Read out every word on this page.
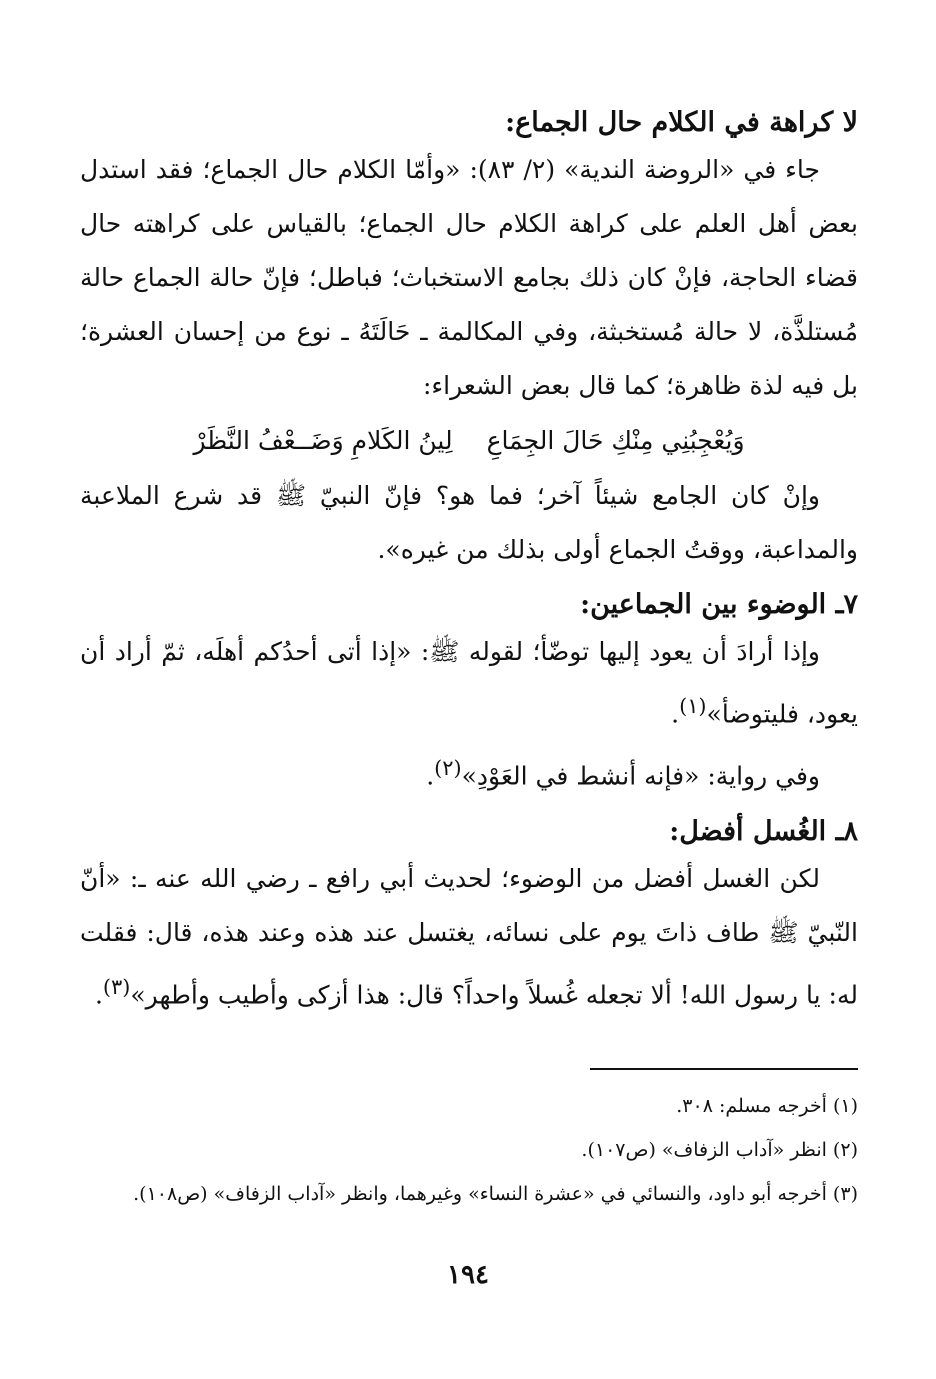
لا كراهة في الكلام حال الجماع:

جاء في «الروضة الندية» (٢/ ٨٣): «وأمّا الكلام حال الجماع؛ فقد استدل بعض أهل العلم على كراهة الكلام حال الجماع؛ بالقياس على كراهته حال قضاء الحاجة، فإنْ كان ذلك بجامع الاستخباث؛ فباطل؛ فإنّ حالة الجماع حالة مُستلذَّة، لا حالة مُستخبثة، وفي المكالمة ـ حَالَتَهُ ـ نوع من إحسان العشرة؛ بل فيه لذة ظاهرة؛ كما قال بعض الشعراء:

وَيُعْجِبُنِي مِنْكِ حَالَ الجِمَاعِ
لِينُ الكَلامِ وَضَــعْفُ النَّظَرْ

وإنْ كان الجامع شيئاً آخر؛ فما هو؟ فإنّ النبيّ ﷺ قد شرع الملاعبة والمداعبة، ووقتُ الجماع أولى بذلك من غيره».

٧ـ الوضوء بين الجماعين:

وإذا أرادَ أن يعود إليها توضّأ؛ لقوله ﷺ: «إذا أتى أحدُكم أهلَه، ثمّ أراد أن يعود، فليتوضأ»$^{(١)}$.

وفي رواية: «فإنه أنشط في العَوْدِ»$^{(٢)}$.

٨ـ الغُسل أفضل:

لكن الغسل أفضل من الوضوء؛ لحديث أبي رافع ـ رضي الله عنه ـ: «أنّ النّبيّ ﷺ طاف ذاتَ يوم على نسائه، يغتسل عند هذه وعند هذه، قال: فقلت له: يا رسول الله! ألا تجعله غُسلاً واحداً؟ قال: هذا أزكى وأطيب وأطهر»$^{(٣)}$.

(١) أخرجه مسلم: ٣٠٨.

(٢) انظر «آداب الزفاف» (ص١٠٧).

(٣) أخرجه أبو داود، والنسائي في «عشرة النساء» وغيرهما، وانظر «آداب الزفاف» (ص١٠٨).

١٩٤
